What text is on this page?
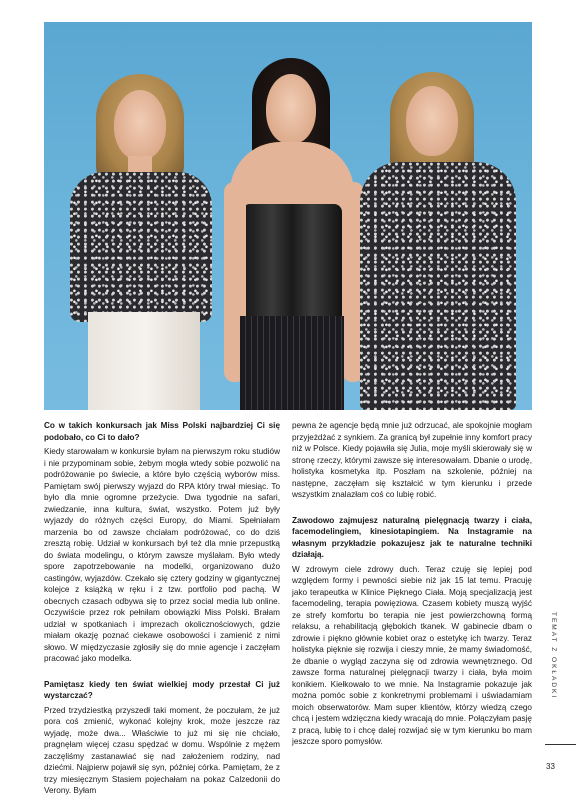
Co w takich konkursach jak Miss Polski najbardziej Ci się podobało, co Ci to dało?

Kiedy starowałam w konkursie byłam na pierwszym roku studiów i nie przypominam sobie, żebym mogła wtedy sobie pozwolić na podróżowanie po świecie, a które było częścią wyborów miss. Pamiętam swój pierwszy wyjazd do RPA który trwał miesiąc. To było dla mnie ogromne przeżycie. Dwa tygodnie na safari, zwiedzanie, inna kultura, świat, wszystko. Potem już były wyjazdy do różnych części Europy, do Miami. Spełniałam marzenia bo od zawsze chciałam podróżować, co do dziś zresztą robię. Udział w konkursach był też dla mnie przepustką do świata modelingu, o którym zawsze myślałam. Było wtedy spore zapotrzebowanie na modelki, organizowano dużo castingów, wyjazdów. Czekało się cztery godziny w gigantycznej kolejce z książką w ręku i z tzw. portfolio pod pachą. W obecnych czasach odbywa się to przez social media lub online. Oczywiście przez rok pełniłam obowiązki Miss Polski. Brałam udział w spotkaniach i imprezach okolicznościowych, gdzie miałam okazję poznać ciekawe osobowości i zamienić z nimi słowo. W międzyczasie zgłosiły się do mnie agencje i zaczęłam pracować jako modelka.

Pamiętasz kiedy ten świat wielkiej mody przestał Ci już wystarczać?

Przed trzydziestką przyszedł taki moment, że poczułam, że już pora coś zmienić, wykonać kolejny krok, może jeszcze raz wyjadę, może dwa... Właściwie to już mi się nie chciało, pragnęłam więcej czasu spędzać w domu. Wspólnie z mężem zaczęliśmy zastanawiać się nad założeniem rodziny, nad dziećmi. Najpierw pojawił się syn, później córka. Pamiętam, że z trzy miesięcznym Stasiem pojechałam na pokaz Calzedonii do Verony. Byłam

pewna że agencje będą mnie już odrzucać, ale spokojnie mogłam przyjeżdżać z synkiem. Za granicą był zupełnie inny komfort pracy niż w Polsce. Kiedy pojawiła się Julia, moje myśli skierowały się w stronę rzeczy, którymi zawsze się interesowałam. Dbanie o urodę, holistyka kosmetyka itp. Poszłam na szkolenie, później na następne, zaczęłam się kształcić w tym kierunku i przede wszystkim znalazłam coś co lubię robić.

Zawodowo zajmujesz naturalną pielęgnacją twarzy i ciała, facemodelingiem, kinesiotapingiem. Na Instagramie na własnym przykładzie pokazujesz jak te naturalne techniki działają.

W zdrowym ciele zdrowy duch. Teraz czuję się lepiej pod względem formy i pewności siebie niż jak 15 lat temu. Pracuję jako terapeutka w Klinice Pięknego Ciała. Moją specjalizacją jest facemodeling, terapia powięziowa. Czasem kobiety muszą wyjść ze strefy komfortu bo terapia nie jest powierzchowną formą relaksu, a rehabilitacją głębokich tkanek. W gabinecie dbam o zdrowie i piękno głównie kobiet oraz o estetykę ich twarzy. Teraz holistyka pięknie się rozwija i cieszy mnie, że mamy świadomość, że dbanie o wygląd zaczyna się od zdrowia wewnętrznego. Od zawsze forma naturalnej pielęgnacji twarzy i ciała, była moim konikiem. Kiełkowało to we mnie. Na Instagramie pokazuje jak można pomóc sobie z konkretnymi problemami i uświadamiam moich obserwatorów. Mam super klientów, którzy wiedzą czego chcą i jestem wdzięczna kiedy wracają do mnie. Połączyłam pasję z pracą, lubię to i chcę dalej rozwijać się w tym kierunku bo mam jeszcze sporo pomysłów.

TEMAT Z OKŁADKI
33
